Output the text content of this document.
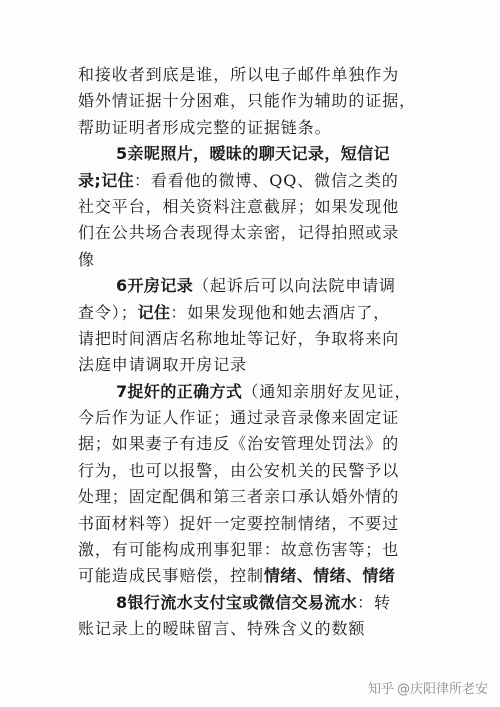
和接收者到底是谁，所以电子邮件单独作为
婚外情证据十分困难，只能作为辅助的证据，
帮助证明者形成完整的证据链条。
5亲昵照片，暧昧的聊天记录，短信记
录;记住：看看他的微博、QQ、微信之类的
社交平台，相关资料注意截屏；如果发现他
们在公共场合表现得太亲密，记得拍照或录
像
6开房记录（起诉后可以向法院申请调
查令）；记住：如果发现他和她去酒店了，
请把时间酒店名称地址等记好，争取将来向
法庭申请调取开房记录
7捉奸的正确方式（通知亲朋好友见证，
今后作为证人作证；通过录音录像来固定证
据；如果妻子有违反《治安管理处罚法》的
行为，也可以报警，由公安机关的民警予以
处理；固定配偶和第三者亲口承认婚外情的
书面材料等）捉奸一定要控制情绪，不要过
激，有可能构成刑事犯罪：故意伤害等；也
可能造成民事赔偿，控制情绪、情绪、情绪
8银行流水支付宝或微信交易流水：转
账记录上的暧昧留言、特殊含义的数额
知乎 @庆阳律所老安
